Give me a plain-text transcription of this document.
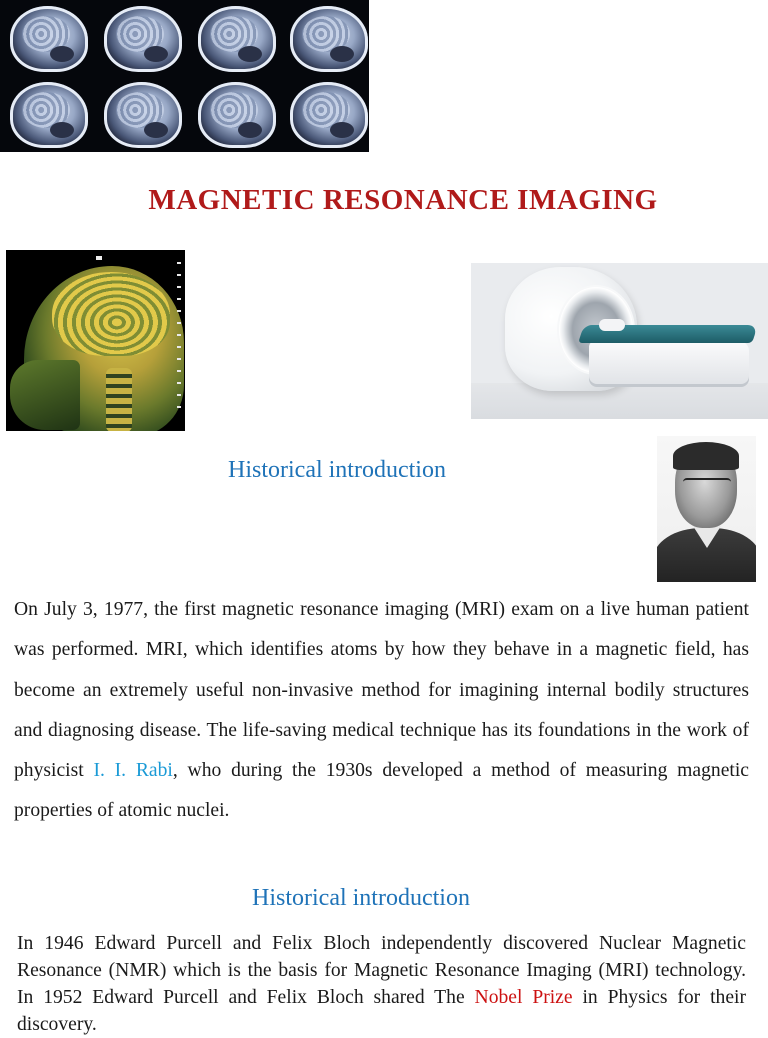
MAGNETIC RESONANCE IMAGING
Historical introduction
On July 3, 1977, the first magnetic resonance imaging (MRI) exam on a live human patient was performed. MRI, which identifies atoms by how they behave in a magnetic field, has become an extremely useful non-invasive method for imagining internal bodily structures and diagnosing disease. The life-saving medical technique has its foundations in the work of physicist I. I. Rabi, who during the 1930s developed a method of measuring magnetic properties of atomic nuclei.
Historical introduction
In 1946 Edward Purcell and Felix Bloch independently discovered Nuclear Magnetic Resonance (NMR) which is the basis for Magnetic Resonance Imaging (MRI) technology. In 1952 Edward Purcell and Felix Bloch shared The Nobel Prize in Physics for their discovery.
